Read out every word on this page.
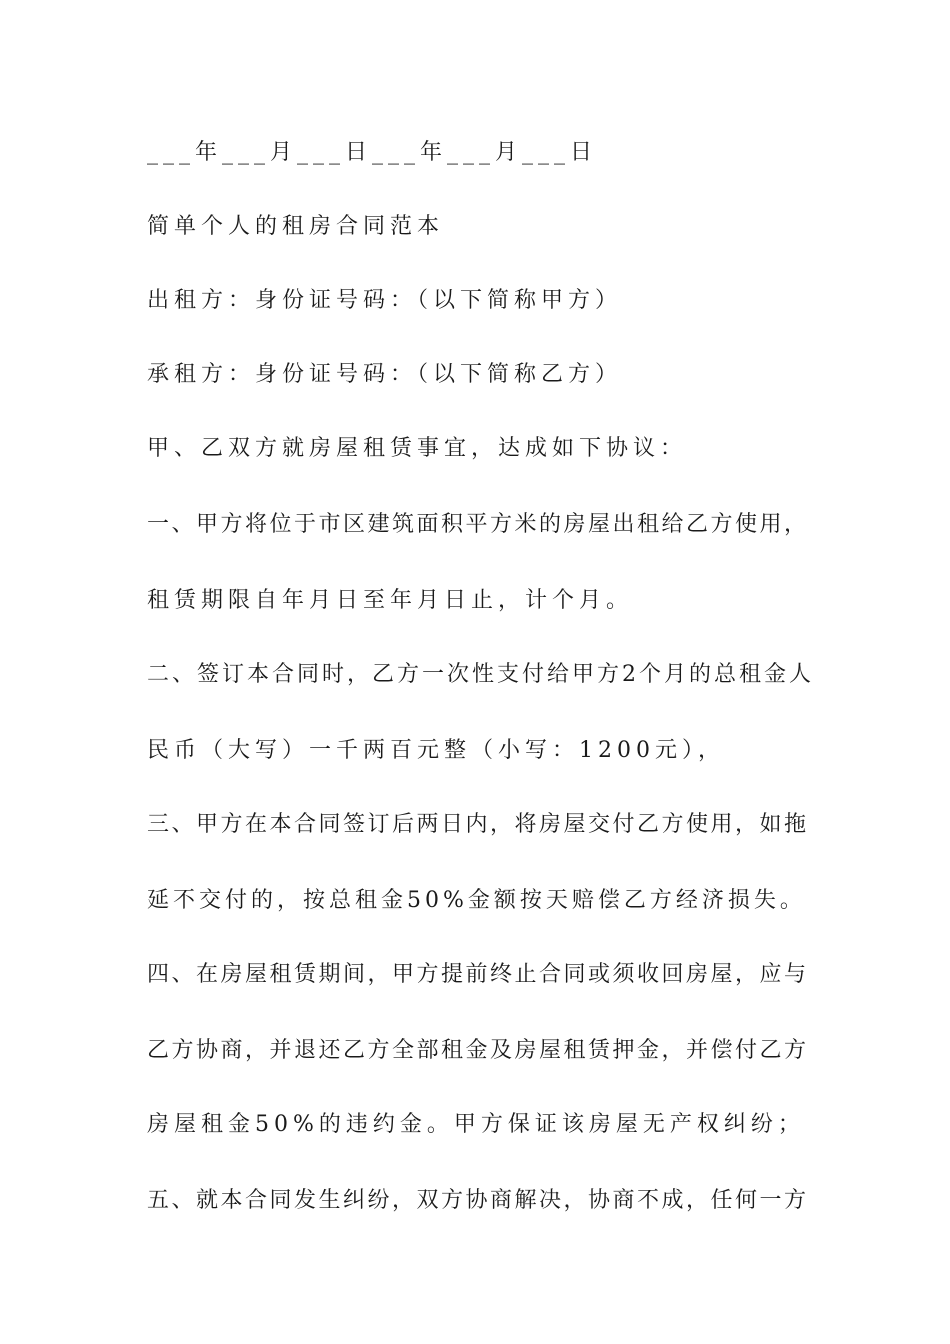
___年___月___日___年___月___日
简单个人的租房合同范本
出租方：身份证号码：（以下简称甲方）
承租方：身份证号码：（以下简称乙方）
甲、乙双方就房屋租赁事宜，达成如下协议：
一、甲方将位于市区建筑面积平方米的房屋出租给乙方使用，
租赁期限自年月日至年月日止，计个月。
二、签订本合同时，乙方一次性支付给甲方2个月的总租金人
民币（大写）一千两百元整（小写：1200元），
三、甲方在本合同签订后两日内，将房屋交付乙方使用，如拖
延不交付的，按总租金50%金额按天赔偿乙方经济损失。
四、在房屋租赁期间，甲方提前终止合同或须收回房屋，应与
乙方协商，并退还乙方全部租金及房屋租赁押金，并偿付乙方
房屋租金50%的违约金。甲方保证该房屋无产权纠纷；
五、就本合同发生纠纷，双方协商解决，协商不成，任何一方
